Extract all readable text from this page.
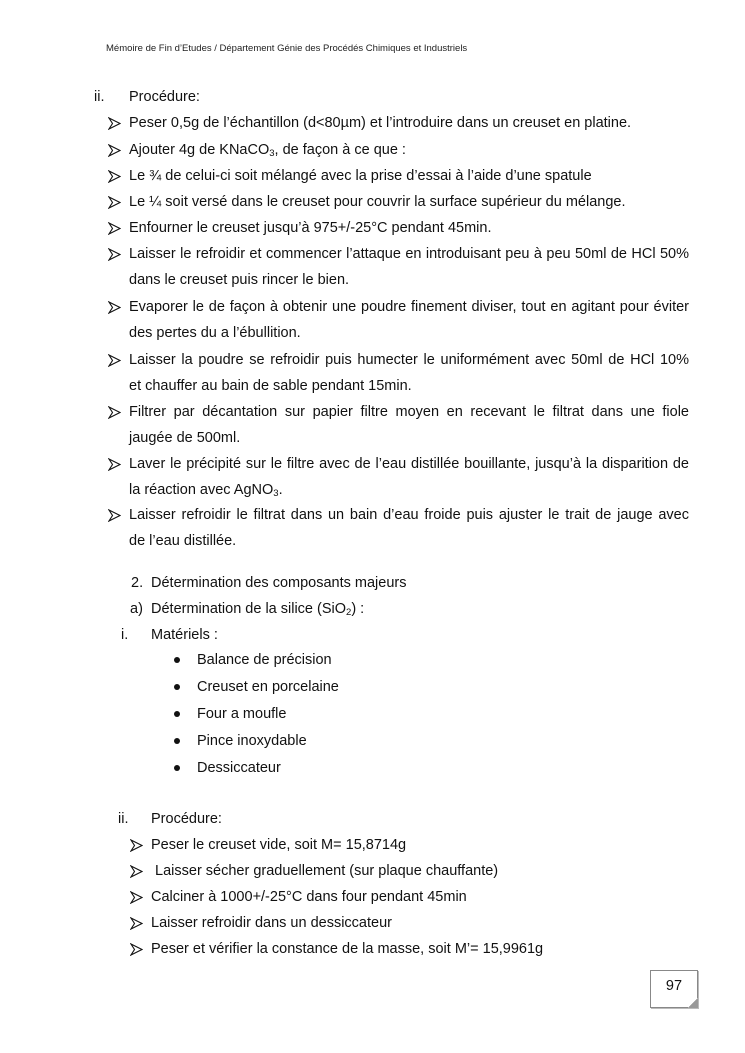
Mémoire de Fin d’Etudes / Département Génie des Procédés Chimiques et Industriels
ii. Procédure:
Peser 0,5g de l’échantillon (d<80µm) et l’introduire dans un creuset en platine.
Ajouter 4g de KNaCO$_3$, de façon à ce que :
Le ¾ de celui-ci soit mélangé avec la prise d’essai à l’aide d’une spatule
Le ¼ soit versé dans le creuset pour couvrir la surface supérieur du mélange.
Enfourner le creuset jusqu’à 975+/-25°C pendant 45min.
Laisser le refroidir et commencer l’attaque en introduisant peu à peu 50ml de HCl 50%
dans le creuset puis rincer le bien.
Evaporer le de façon à obtenir une poudre finement diviser, tout en agitant pour éviter
des pertes du a l’ébullition.
Laisser la poudre se refroidir puis humecter le uniformément avec 50ml de HCl 10%
et chauffer au bain de sable pendant 15min.
Filtrer par décantation sur papier filtre moyen en recevant le filtrat dans une fiole
jaugée de 500ml.
Laver le précipité sur le filtre avec de l’eau distillée bouillante, jusqu’à la disparition de
la réaction avec AgNO$_3$.
Laisser refroidir le filtrat dans un bain d’eau froide puis ajuster le trait de jauge avec
de l’eau distillée.
2. Détermination des composants majeurs
a) Détermination de la silice (SiO$_2$) :
i. Matériels :
Balance de précision
Creuset en porcelaine
Four a moufle
Pince inoxydable
Dessiccateur
ii. Procédure:
Peser le creuset vide, soit M= 15,8714g
Laisser sécher graduellement (sur plaque chauffante)
Calciner à 1000+/-25°C dans four pendant 45min
Laisser refroidir dans un dessiccateur
Peser et vérifier la constance de la masse, soit M’= 15,9961g
97
